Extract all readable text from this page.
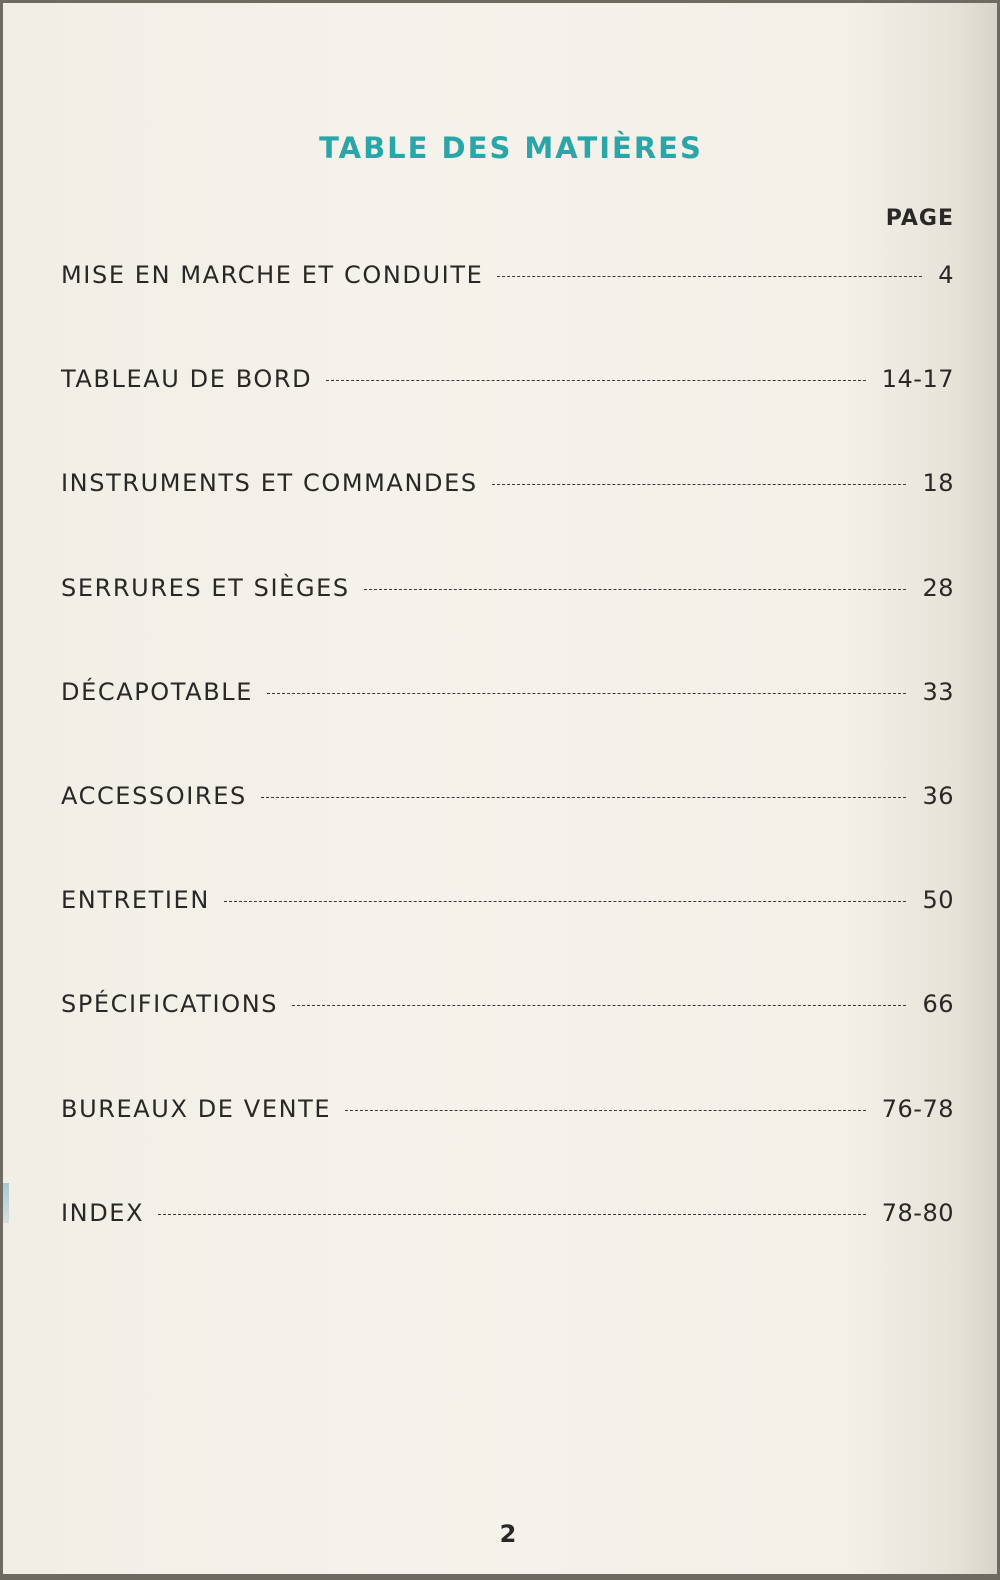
TABLE DES MATIÈRES
PAGE
MISE EN MARCHE ET CONDUITE	4
TABLEAU DE BORD	14-17
INSTRUMENTS ET COMMANDES	18
SERRURES ET SIÈGES	28
DÉCAPOTABLE	33
ACCESSOIRES	36
ENTRETIEN	50
SPÉCIFICATIONS	66
BUREAUX DE VENTE	76-78
INDEX	78-80
2
